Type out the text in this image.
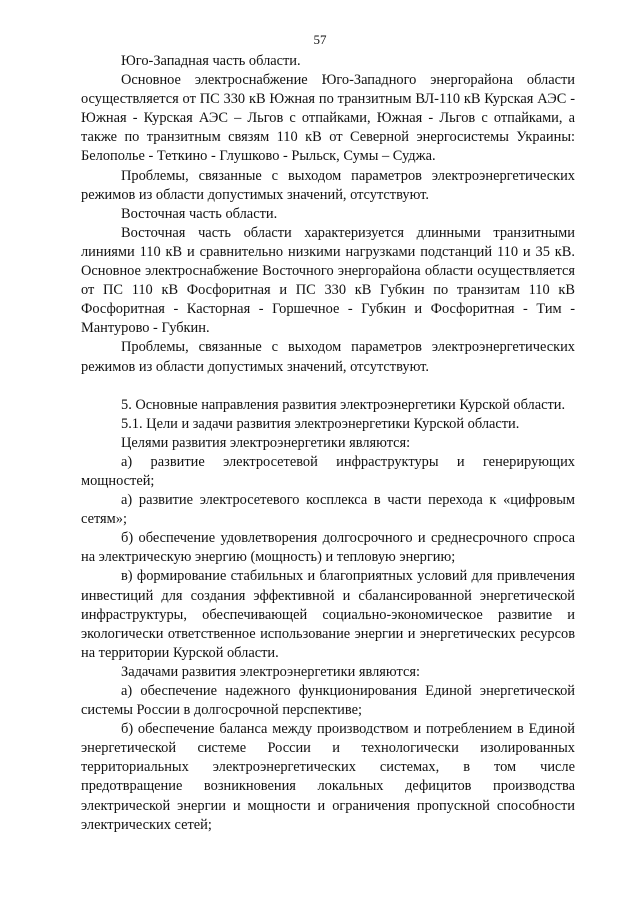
57

Юго-Западная часть области.

Основное электроснабжение Юго-Западного энергорайона области осуществляется от ПС 330 кВ Южная по транзитным ВЛ-110 кВ Курская АЭС - Южная - Курская АЭС – Льгов с отпайками, Южная - Льгов с отпайками, а также по транзитным связям 110 кВ от Северной энергосистемы Украины: Белополье - Теткино - Глушково - Рыльск, Сумы – Суджа.

Проблемы, связанные с выходом параметров электроэнергетических режимов из области допустимых значений, отсутствуют.

Восточная часть области.

Восточная часть области характеризуется длинными транзитными линиями 110 кВ и сравнительно низкими нагрузками подстанций 110 и 35 кВ. Основное электроснабжение Восточного энергорайона области осуществляется от ПС 110 кВ Фосфоритная и ПС 330 кВ Губкин по транзитам 110 кВ Фосфоритная - Касторная - Горшечное - Губкин и Фосфоритная - Тим - Мантурово - Губкин.

Проблемы, связанные с выходом параметров электроэнергетических режимов из области допустимых значений, отсутствуют.

5. Основные направления развития электроэнергетики Курской области.

5.1. Цели и задачи развития электроэнергетики Курской области.

Целями развития электроэнергетики являются:

а) развитие электросетевой инфраструктуры и генерирующих мощностей;

а) развитие электросетевого косплекса в части перехода к «цифровым сетям»;

б) обеспечение удовлетворения долгосрочного и среднесрочного спроса на электрическую энергию (мощность) и тепловую энергию;

в) формирование стабильных и благоприятных условий для привлечения инвестиций для создания эффективной и сбалансированной энергетической инфраструктуры, обеспечивающей социально-экономическое развитие и экологически ответственное использование энергии и энергетических ресурсов на территории Курской области.

Задачами развития электроэнергетики являются:

а) обеспечение надежного функционирования Единой энергетической системы России в долгосрочной перспективе;

б) обеспечение баланса между производством и потреблением в Единой энергетической системе России и технологически изолированных территориальных электроэнергетических системах, в том числе предотвращение возникновения локальных дефицитов производства электрической энергии и мощности и ограничения пропускной способности электрических сетей;
